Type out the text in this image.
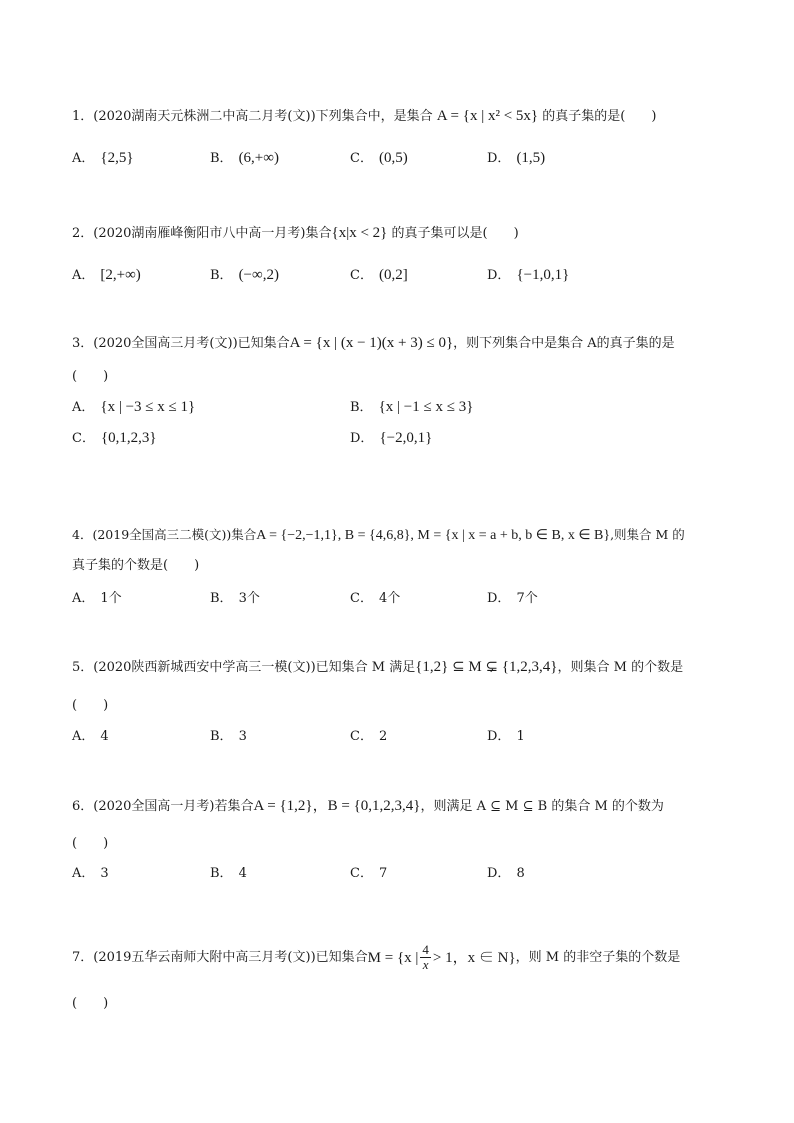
1．(2020湖南天元株洲二中高二月考(文))下列集合中，是集合 A = {x | x² < 5x} 的真子集的是(　　)
A． {2,5}	B． (6,+∞)	C． (0,5)	D． (1,5)
2．(2020湖南雁峰衡阳市八中高一月考)集合{x|x < 2} 的真子集可以是(　　)
A． [2,+∞)	B． (−∞,2)	C． (0,2]	D． {−1,0,1}
3．(2020全国高三月考(文))已知集合A = {x | (x − 1)(x + 3) ≤ 0}，则下列集合中是集合 A的真子集的是
(　　)
A． {x | −3 ≤ x ≤ 1}	B． {x | −1 ≤ x ≤ 3}
C． {0,1,2,3}	D． {−2,0,1}
4．(2019全国高三二模(文))集合A = {−2,−1,1}, B = {4,6,8}, M = {x | x = a + b, b ∈ B, x ∈ B},则集合 M 的
真子集的个数是(　　)
A． 1个	B． 3个	C． 4个	D． 7个
5．(2020陕西新城西安中学高三一模(文))已知集合 M 满足{1,2} ⊆ M ⊊ {1,2,3,4}，则集合 M 的个数是
(　　)
A． 4	B． 3	C． 2	D． 1
6．(2020全国高一月考)若集合A = {1,2}，B = {0,1,2,3,4}，则满足 A ⊆ M ⊆ B 的集合 M 的个数为
(　　)
A． 3	B． 4	C． 7	D． 8
7．(2019五华云南师大附中高三月考(文))已知集合 M = {x | 4
x > 1，x ∈ N} ，则 M 的非空子集的个数是
(　　)
